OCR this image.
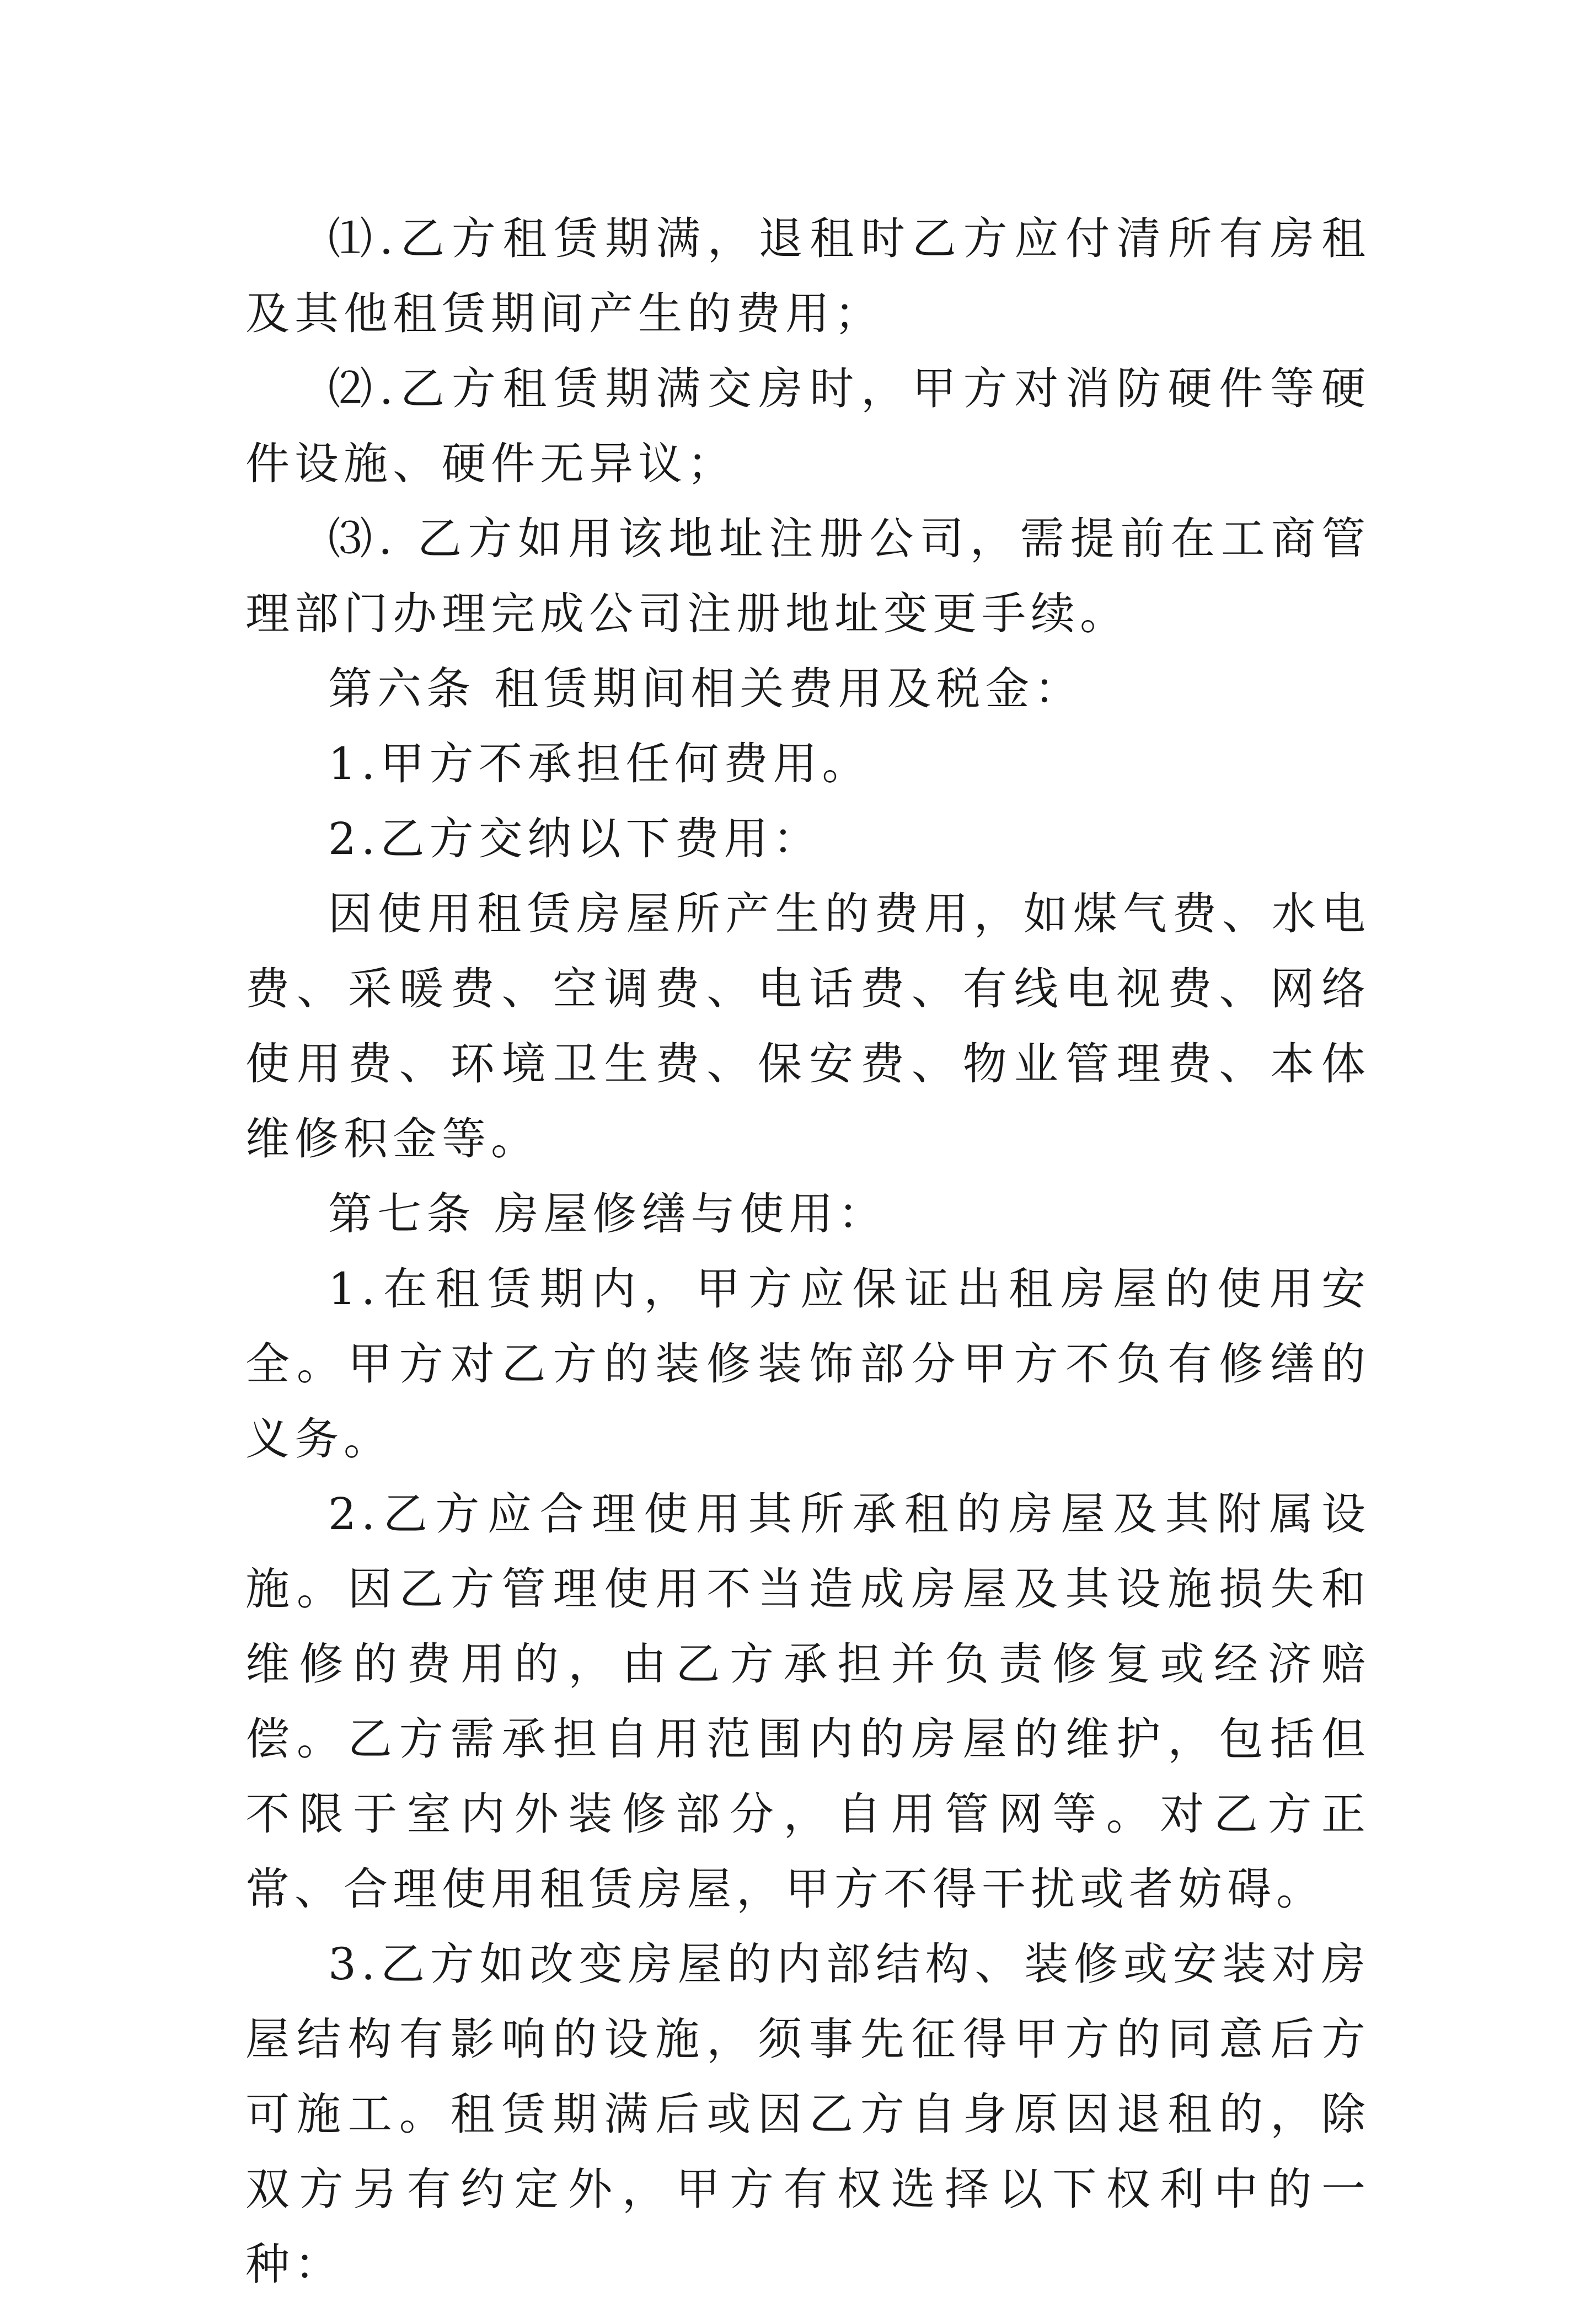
⑴.乙方租赁期满，退租时乙方应付清所有房租及其他租赁期间产生的费用；

⑵.乙方租赁期满交房时，甲方对消防硬件等硬件设施、硬件无异议；

⑶. 乙方如用该地址注册公司，需提前在工商管理部门办理完成公司注册地址变更手续。

第六条 租赁期间相关费用及税金：

1.甲方不承担任何费用。

2.乙方交纳以下费用：

因使用租赁房屋所产生的费用，如煤气费、水电费、采暖费、空调费、电话费、有线电视费、网络使用费、环境卫生费、保安费、物业管理费、本体维修积金等。

第七条 房屋修缮与使用：

1.在租赁期内，甲方应保证出租房屋的使用安全。甲方对乙方的装修装饰部分甲方不负有修缮的义务。

2.乙方应合理使用其所承租的房屋及其附属设施。因乙方管理使用不当造成房屋及其设施损失和维修的费用的，由乙方承担并负责修复或经济赔偿。乙方需承担自用范围内的房屋的维护，包括但不限于室内外装修部分，自用管网等。对乙方正常、合理使用租赁房屋，甲方不得干扰或者妨碍。

3.乙方如改变房屋的内部结构、装修或安装对房屋结构有影响的设施，须事先征得甲方的同意后方可施工。租赁期满后或因乙方自身原因退租的，除双方另有约定外，甲方有权选择以下权利中的一种：
